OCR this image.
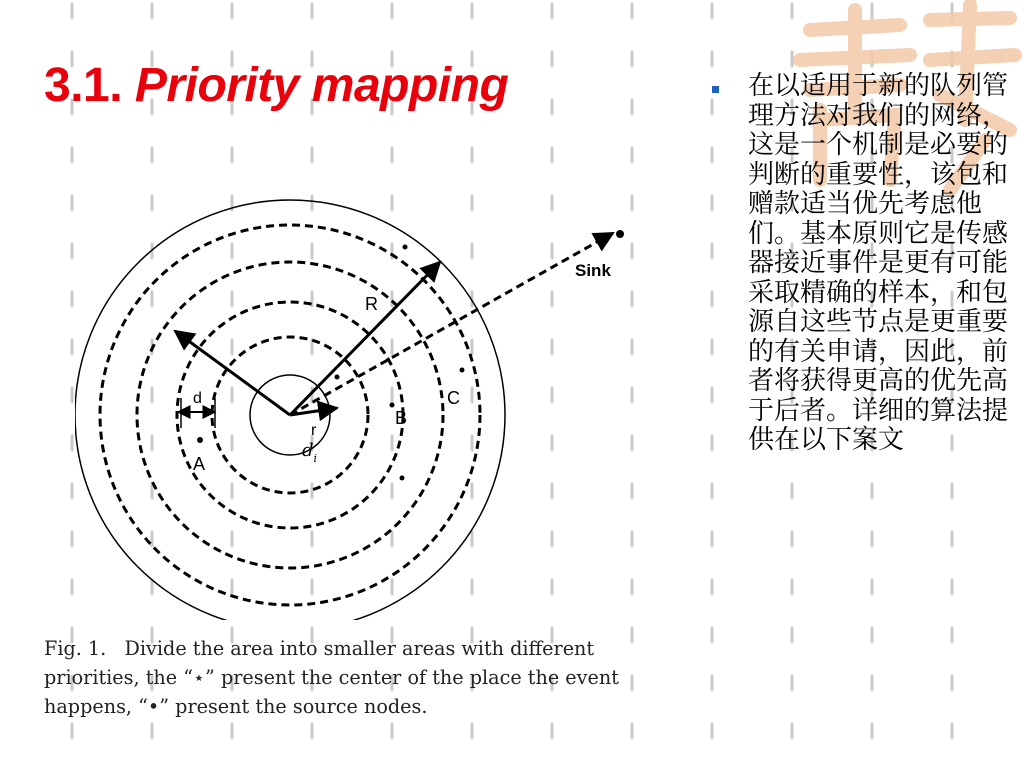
3.1. Priority mapping
Sink
R
r
d
$d_i$
A
B
C
Fig. 1.   Divide the area into smaller areas with different
priorities, the “⋆” present the center of the place the event
happens, “•” present the source nodes.

在以适用于新的队列管理方法对我们的网络，这是一个机制是必要的判断的重要性，该包和赠款适当优先考虑他们。基本原则它是传感器接近事件是更有可能采取精确的样本，和包源自这些节点是更重要的有关申请，因此，前者将获得更高的优先高于后者。详细的算法提供在以下案文
